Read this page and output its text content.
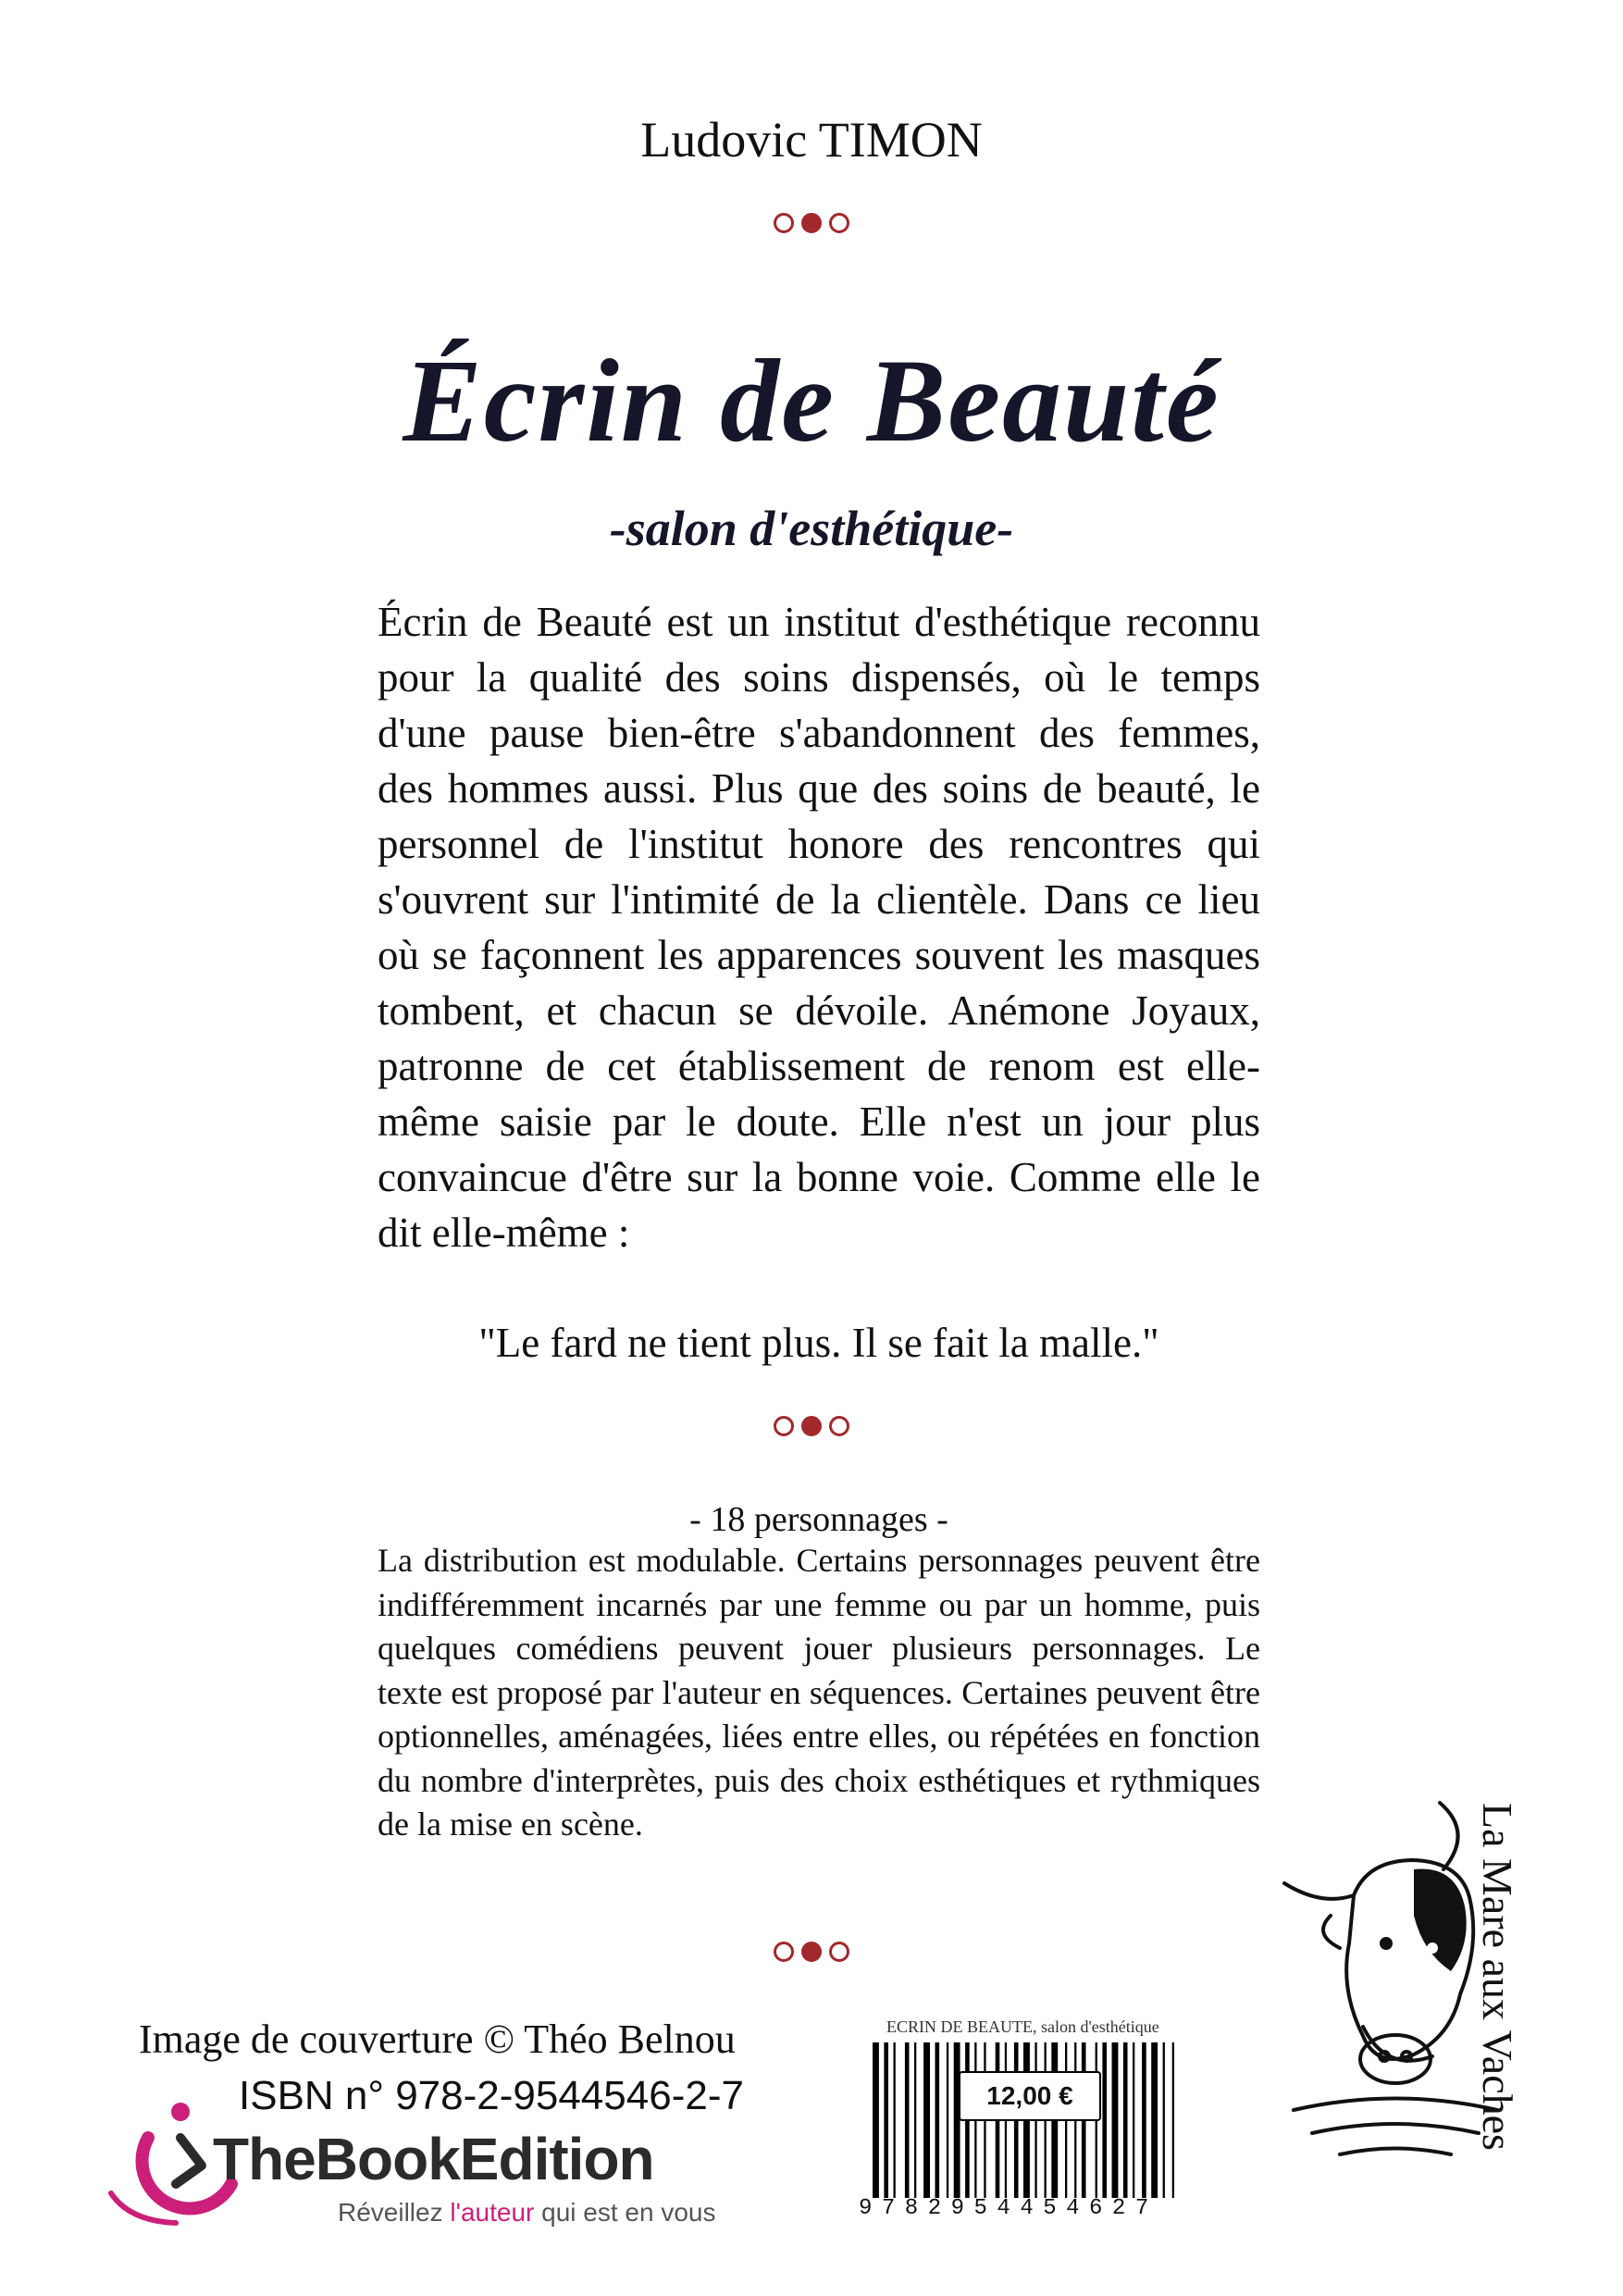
Ludovic TIMON
Écrin de Beauté
-salon d'esthétique-

Écrin de Beauté est un institut d'esthétique reconnu pour la qualité des soins dispensés, où le temps d'une pause bien-être s'abandonnent des femmes, des hommes aussi. Plus que des soins de beauté, le personnel de l'institut honore des rencontres qui s'ouvrent sur l'intimité de la clientèle. Dans ce lieu où se façonnent les apparences souvent les masques tombent, et chacun se dévoile. Anémone Joyaux, patronne de cet établissement de renom est elle-même saisie par le doute. Elle n'est un jour plus convaincue d'être sur la bonne voie. Comme elle le dit elle-même :

"Le fard ne tient plus. Il se fait la malle."
- 18 personnages -

La distribution est modulable. Certains personnages peuvent être indifféremment incarnés par une femme ou par un homme, puis quelques comédiens peuvent jouer plusieurs personnages. Le texte est proposé par l'auteur en séquences. Certaines peuvent être optionnelles, aménagées, liées entre elles, ou répétées en fonction du nombre d'interprètes, puis des choix esthétiques et rythmiques de la mise en scène.

Image de couverture © Théo Belnou
ISBN n° 978-2-9544546-2-7
TheBookEdition
Réveillez l'auteur qui est en vous
ECRIN DE BEAUTE, salon d'esthétique
12,00 €
9782954454627
La Mare aux Vaches
